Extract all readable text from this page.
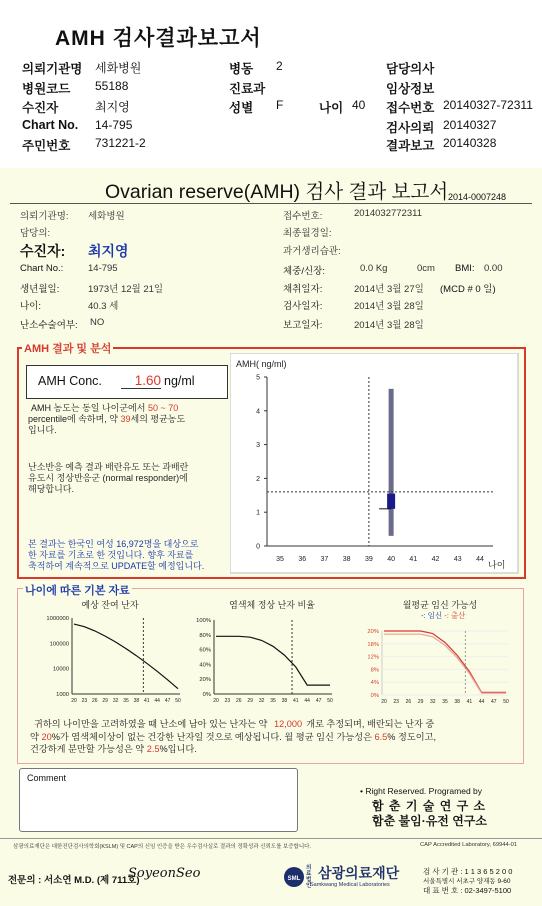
AMH 검사결과보고서
의뢰기관명 세화병원	병동 2	담당의사
병원코드 55188	진료과	임상정보
수진자	최지영	성별 F	나이 40 접수번호 20140327-72311
Chart No. 14-795	검사의뢰 20140327
주민번호 731221-2	결과보고 20140328
Ovarian reserve(AMH) 검사 결과 보고서 2014-0007248
의뢰기관명: 세화병원	접수번호:	2014032772311
담당의:	최종월경일:
수진자: 최지영	과거생리습관:
Chart No.:	14-795	체중/신장:	0.0 Kg	0cm BMI: 0.00
생년월일:	1973년 12월 21일	채취일자:	2014년 3월 27일 (MCD # 0 일)
나이:	40.3 세	검사일자:	2014년 3월 28일
난소수술여부: NO	보고일자:	2014년 3월 28일
AMH 결과 및 분석
AMH Conc.	1.60 ng/ml
AMH 농도는 동일 나이군에서 50 ~ 70
percentile에 속하며, 약 39세의 평균농도
입니다.
난소반응 예측 결과 배란유도 또는 과배란
유도시 정상반응군 (normal responder)에
해당합니다.
본 결과는 한국인 여성 16,972명을 대상으로
한 자료를 기초로 한 것입니다. 향후 자료를
축적하여 계속적으로 UPDATE할 예정입니다.
AMH( ng/ml)
나이
0
1
2
3
4
5
35 36 37 38 39 40 41 42 43 44
나이에 따른 기본 자료
예상 잔여 난자
1000000
100000
10000
1000
20 23 26 29 32 35 38 41 44 47 50
염색체 정상 난자 비율
100%
80%
60%
40%
20%
0%
20 23 26 29 32 35 38 41 44 47 50
월평균 임신 가능성
-: 임신 -: 출산
20%
18%
12%
8%
4%
0%
20 23 26 29 32 35 38 41 44 47 50
귀하의 나이만을 고려하였을 때 난소에 남아 있는 난자는 약 12,000 개로 추정되며, 배란되는 난자 중
약 20%가 염색체이상이 없는 건강한 난자일 것으로 예상됩니다. 월 평균 임신 가능성은 6.5% 정도이고,
건강하게 분만할 가능성은 약 2.5%입니다.
Comment
• Right Reserved. Programed by
함 춘 기 술 연 구 소
함춘 불임·유전 연구소
삼광의료재단은 대한진단검사의학회(KSLM) 및 CAP의 신임 인증을 받은 우수검사실로 결과의 정확성과 신뢰도를 보증합니다.	CAP Accredited Laboratory, 69944-01
전문의 : 서소연 M.D. (제 711호)
SoyeonSeo	SML
의료법인
삼광의료재단
Samkwang Medical Laboratories
검 사 기 관 : 1 1 3 6 5 2 0 0
서울특별시 서초구 양재동 9-60
대 표 번 호 : 02-3497-5100
